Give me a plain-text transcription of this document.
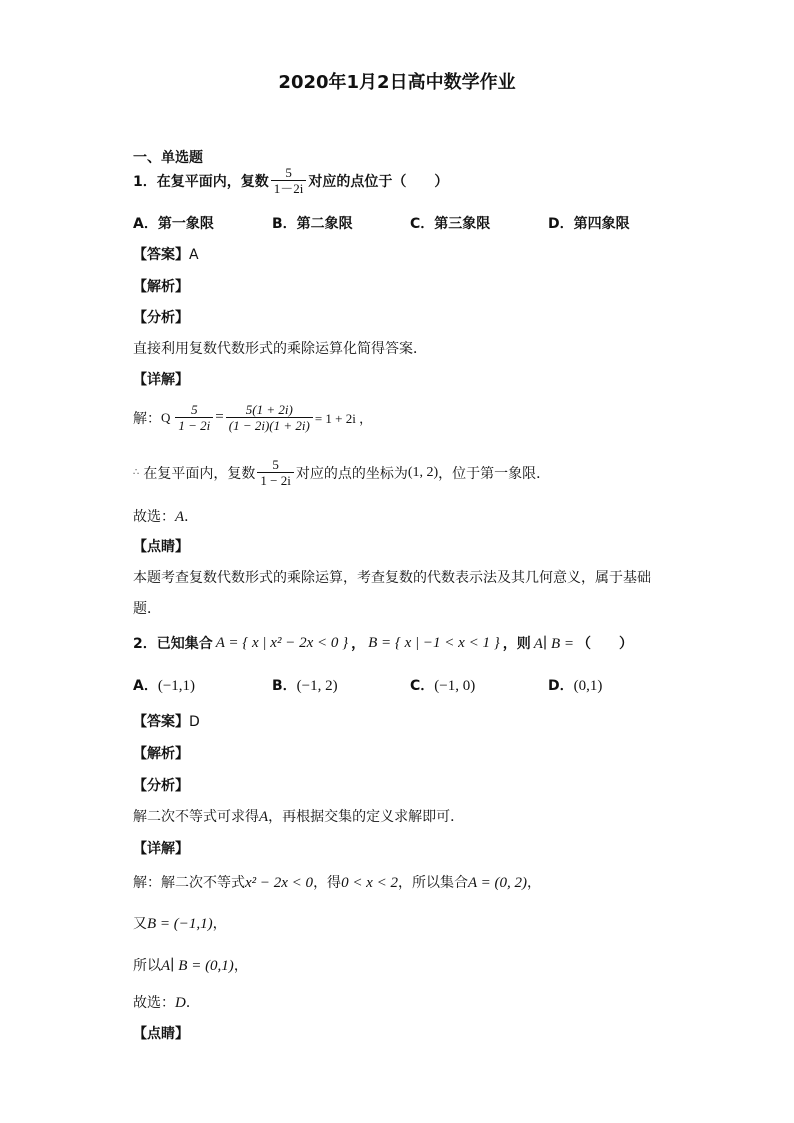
2020年1月2日高中数学作业
一、单选题
1．在复平面内，复数 $\frac{5}{1-2i}$ 对应的点位于（　　）
A．第一象限	B．第二象限	C．第三象限	D．第四象限
【答案】A
【解析】
【分析】
直接利用复数代数形式的乘除运算化简得答案．
【详解】
解： Q $\frac{5}{1 - 2i} = \frac{5(1 + 2i)}{(1 - 2i)(1 + 2i)} = 1 + 2i$ ，
∴ 在复平面内，复数 $\frac{5}{1 - 2i}$ 对应的点的坐标为 (1, 2) ，位于第一象限．
故选：A．
【点睛】
本题考查复数代数形式的乘除运算，考查复数的代数表示法及其几何意义，属于基础
题．
2．已知集合 A = { x | x² − 2x < 0 } ， B = { x | −1 < x < 1 } ，则 A∣ B = （　　）
A．(−1,1)	B．(−1, 2)	C．(−1, 0)	D．(0,1)
【答案】D
【解析】
【分析】
解二次不等式可求得A，再根据交集的定义求解即可．
【详解】
解：解二次不等式x² − 2x < 0，得0 < x < 2，所以集合A = (0, 2)，
又B = (−1,1)，
所以A∣ B = (0,1)，
故选：D．
【点睛】
